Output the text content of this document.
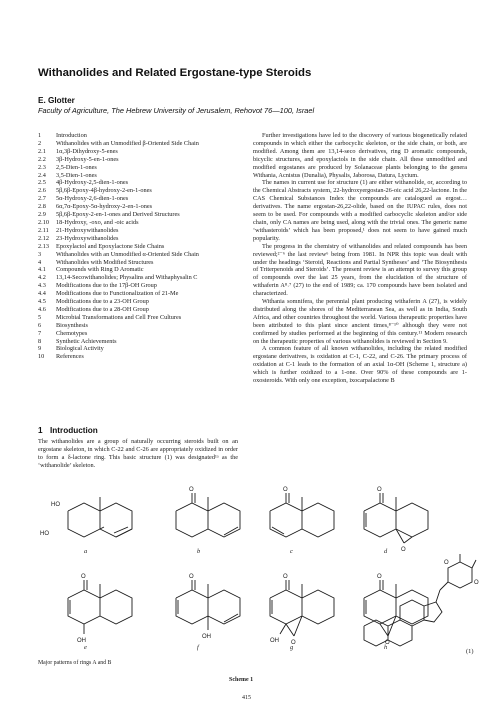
Withanolides and Related Ergostane-type Steroids
E. Glotter
Faculty of Agriculture, The Hebrew University of Jerusalem, Rehovot 76—100, Israel
1	Introduction
2	Withanolides with an Unmodified β-Oriented Side Chain
2.1	1α,3β-Dihydroxy-5-enes
2.2	3β-Hydroxy-5-en-1-ones
2.3	2,5-Dien-1-ones
2.4	3,5-Dien-1-ones
2.5	4β-Hydroxy-2,5-dien-1-ones
2.6	5β,6β-Epoxy-4β-hydroxy-2-en-1-ones
2.7	5α-Hydroxy-2,6-dien-1-ones
2.8	6α,7α-Epoxy-5α-hydroxy-2-en-1-ones
2.9	5β,6β-Epoxy-2-en-1-ones and Derived Structures
2.10	18-Hydroxy, -oxo, and -oic acids
2.11	21-Hydroxywithanolides
2.12	23-Hydroxywithanolides
2.13	Epoxylactol and Epoxylactone Side Chains
3	Withanolides with an Unmodified α-Oriented Side Chain
4	Withanolides with Modified Structures
4.1	Compounds with Ring D Aromatic
4.2	13,14-Secowithanolides; Physalins and Withaphysalin C
4.3	Modifications due to the 17β-OH Group
4.4	Modifications due to Functionalization of 21-Me
4.5	Modifications due to a 23-OH Group
4.6	Modifications due to a 28-OH Group
5	Microbial Transformations and Cell Free Cultures
6	Biosynthesis
7	Chemotypes
8	Synthetic Achievements
9	Biological Activity
10	References
1 Introduction
The withanolides are a group of naturally occurring steroids built on an ergostane skeleton, in which C-22 and C-26 are appropriately oxidized in order to form a δ-lactone ring. This basic structure (1) was designated¹ᵃ as the ‘withanolide’ skeleton.

Further investigations have led to the discovery of various biogenetically related compounds in which either the carbocyclic skeleton, or the side chain, or both, are modified. Among them are 13,14-seco derivatives, ring D aromatic compounds, bicyclic structures, and epoxylactols in the side chain. All these unmodified and modified ergostanes are produced by Solanaceae plants belonging to the genera Withania, Acnistus (Dunalia), Physalis, Jaborosa, Datura, Lycium.

The names in current use for structure (1) are either withanolide, or, according to the Chemical Abstracts system, 22-hydroxyergostan-26-oic acid 26,22-lactone. In the CAS Chemical Substances Index the compounds are catalogued as ergost…derivatives. The name ergostan-26,22-olide, based on the IUPAC rules, does not seem to be used. For compounds with a modified carbocyclic skeleton and/or side chain, only CA names are being used, along with the trivial ones. The generic name ‘withasteroids’ which has been proposed,¹ does not seem to have gained much popularity.

The progress in the chemistry of withanolides and related compounds has been reviewed;²⁻⁶ the last review⁶ being from 1981. In NPR this topic was dealt with under the headings ‘Steroid, Reactions and Partial Syntheses’ and ‘The Biosynthesis of Triterpenoids and Steroids’. The present review is an attempt to survey this group of compounds over the last 25 years, from the elucidation of the structure of withaferin A⁸˒⁷ (27) to the end of 1989; ca. 170 compounds have been isolated and characterized.

Withania somnifera, the perennial plant producing withaferin A (27), is widely distributed along the shores of the Mediterranean Sea, as well as in India, South Africa, and other countries throughout the world. Various therapeutic properties have been attributed to this plant since ancient times,⁸⁻¹⁰ although they were not confirmed by studies performed at the beginning of this century.¹¹ Modern research on the therapeutic properties of various withanolides is reviewed in Section 9.

A common feature of all known withanolides, including the related modified ergostane derivatives, is oxidation at C-1, C-22, and C-26. The primary process of oxidation at C-1 leads to the formation of an axial 1α-OH (Scheme 1, structure a) which is further oxidized to a 1-one. Over 90% of these compounds are 1-oxosteroids. With only one exception, ixocarpalactone B

HO
HO
O	O	O
O
O
OH
O
OH
O
O
OH
O
O
O
O
a	b	c	d
e	f	g	h
(1)
Major patterns of rings A and B
Scheme 1
415
